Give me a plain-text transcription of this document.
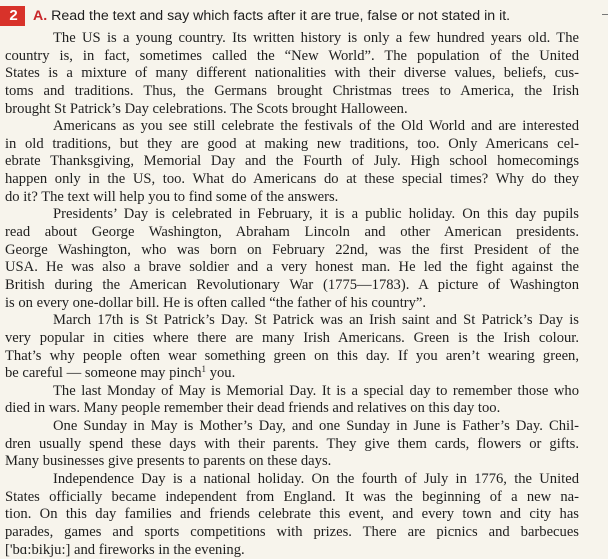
2	A. Read the text and say which facts after it are true, false or not stated in it.
The US is a young country. Its written history is only a few hundred years old. The
country is, in fact, sometimes called the “New World”. The population of the United
States is a mixture of many different nationalities with their diverse values, beliefs, cus-
toms and traditions. Thus, the Germans brought Christmas trees to America, the Irish
brought St Patrick’s Day celebrations. The Scots brought Halloween.
Americans as you see still celebrate the festivals of the Old World and are interested
in old traditions, but they are good at making new traditions, too. Only Americans cel-
ebrate Thanksgiving, Memorial Day and the Fourth of July. High school homecomings
happen only in the US, too. What do Americans do at these special times? Why do they
do it? The text will help you to find some of the answers.
Presidents’ Day is celebrated in February, it is a public holiday. On this day pupils
read about George Washington, Abraham Lincoln and other American presidents.
George Washington, who was born on February 22nd, was the first President of the
USA. He was also a brave soldier and a very honest man. He led the fight against the
British during the American Revolutionary War (1775—1783). A picture of Washington
is on every one-dollar bill. He is often called “the father of his country”.
March 17th is St Patrick’s Day. St Patrick was an Irish saint and St Patrick’s Day is
very popular in cities where there are many Irish Americans. Green is the Irish colour.
That’s why people often wear something green on this day. If you aren’t wearing green,
be careful — someone may pinch$^1$ you.
The last Monday of May is Memorial Day. It is a special day to remember those who
died in wars. Many people remember their dead friends and relatives on this day too.
One Sunday in May is Mother’s Day, and one Sunday in June is Father’s Day. Chil-
dren usually spend these days with their parents. They give them cards, flowers or gifts.
Many businesses give presents to parents on these days.
Independence Day is a national holiday. On the fourth of July in 1776, the United
States officially became independent from England. It was the beginning of a new na-
tion. On this day families and friends celebrate this event, and every town and city has
parades, games and sports competitions with prizes. There are picnics and barbecues
['bɑ:bikju:] and fireworks in the evening.
